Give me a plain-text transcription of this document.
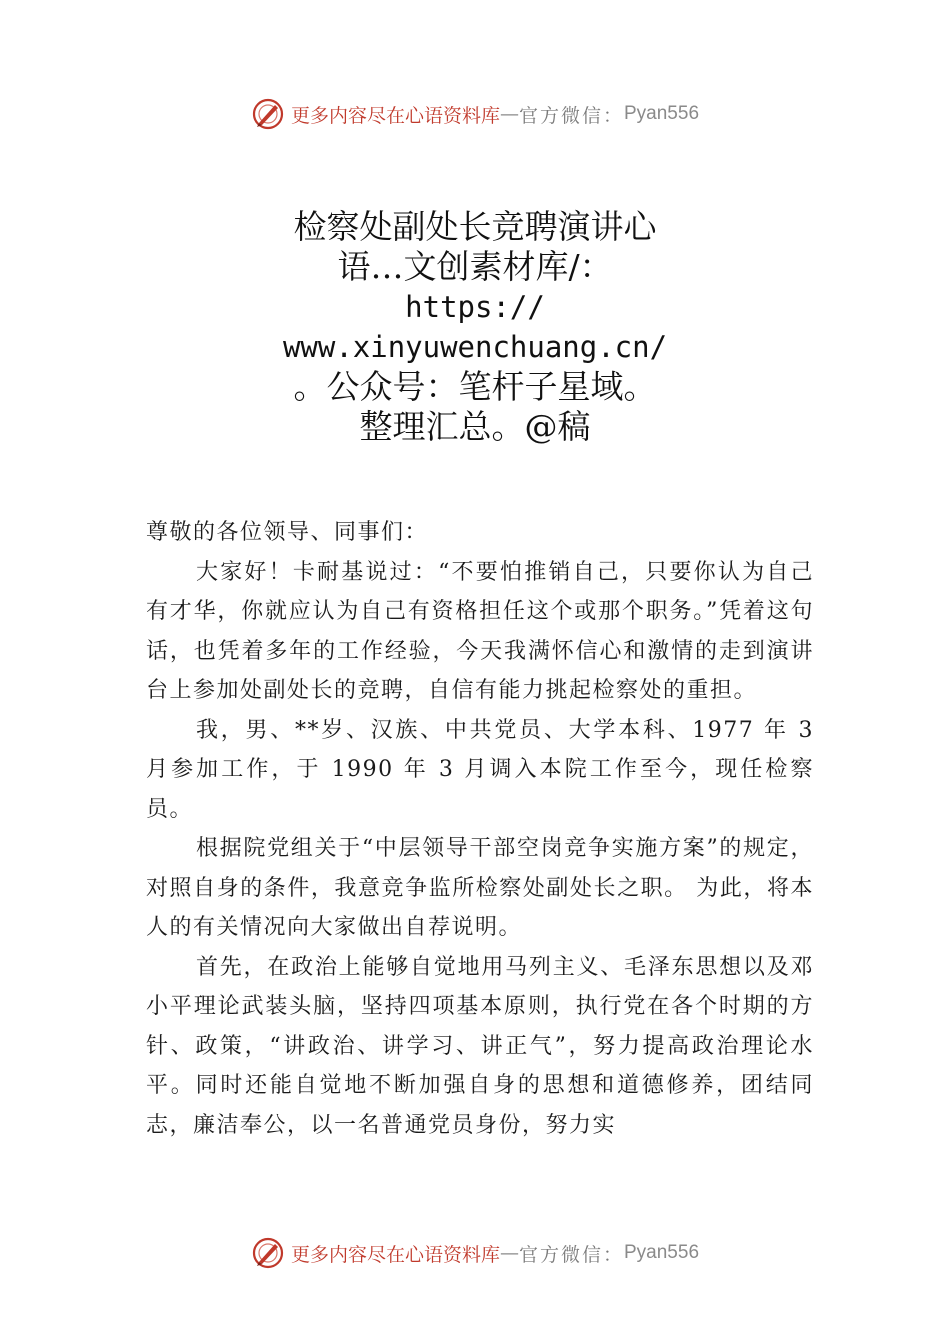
更多内容尽在心语资料库 — 官方微信： Pyan556
检察处副处长竞聘演讲心
语…文创素材库/：
https://
www.xinyuwenchuang.cn/
。公众号：笔杆子星域。
整理汇总。@稿

尊敬的各位领导、同事们：

大家好！卡耐基说过：“不要怕推销自己，只要你认为自己有才华，你就应认为自己有资格担任这个或那个职务。”凭着这句话，也凭着多年的工作经验，今天我满怀信心和激情的走到演讲台上参加处副处长的竞聘，自信有能力挑起检察处的重担。

我，男、**岁、汉族、中共党员、大学本科、1977 年 3 月参加工作，于 1990 年 3 月调入本院工作至今，现任检察员。

根据院党组关于“中层领导干部空岗竞争实施方案”的规定，对照自身的条件，我意竞争监所检察处副处长之职。 为此，将本人的有关情况向大家做出自荐说明。

首先，在政治上能够自觉地用马列主义、毛泽东思想以及邓小平理论武装头脑，坚持四项基本原则，执行党在各个时期的方针、政策，“讲政治、讲学习、讲正气”，努力提高政治理论水平。同时还能自觉地不断加强自身的思想和道德修养，团结同志，廉洁奉公，以一名普通党员身份，努力实

更多内容尽在心语资料库 — 官方微信： Pyan556
